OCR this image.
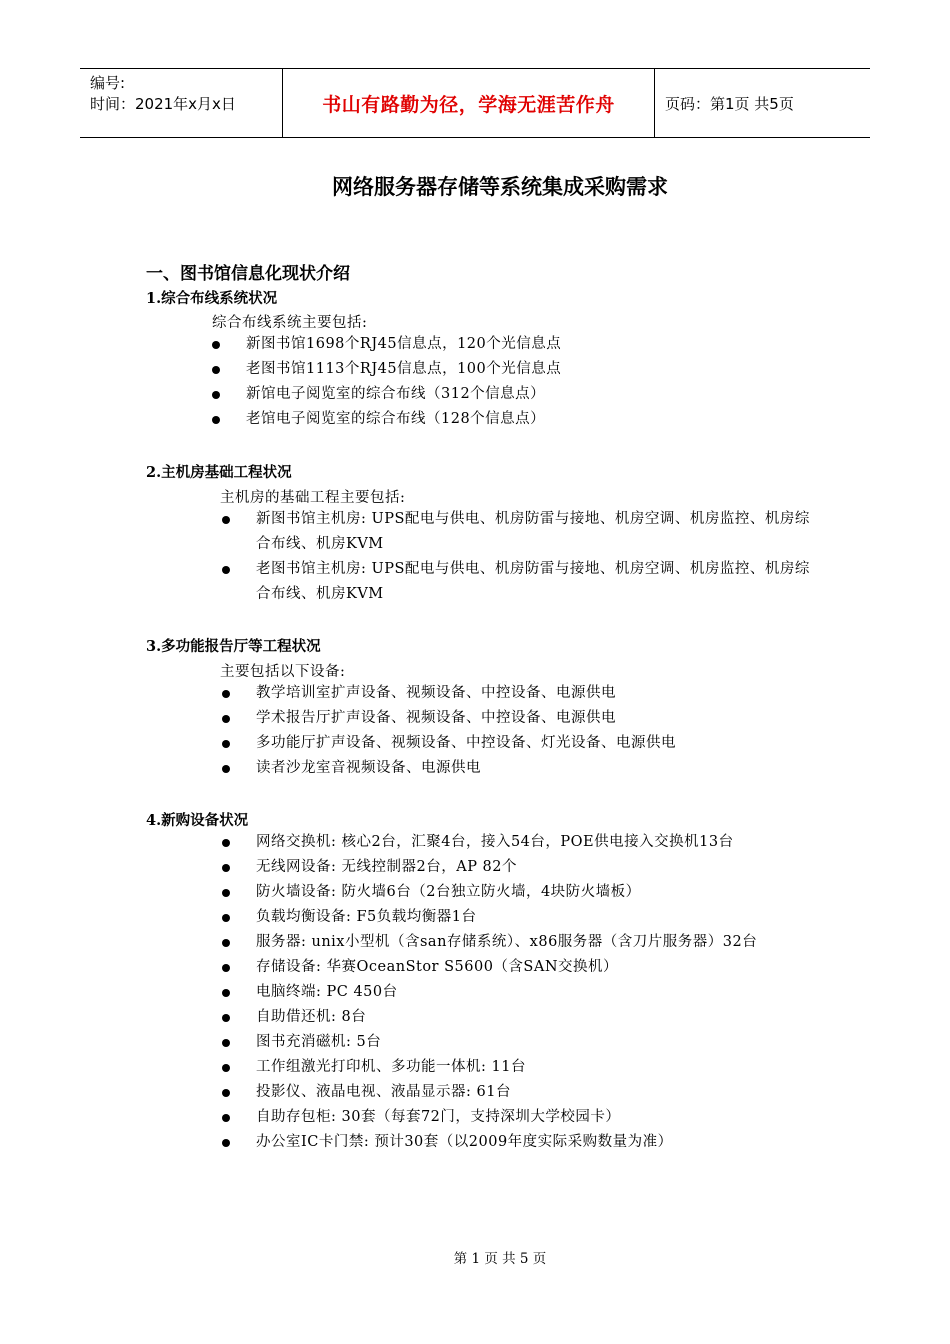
编号:
时间：2021年x月x日	书山有路勤为径，学海无涯苦作舟	页码：第1页 共5页
网络服务器存储等系统集成采购需求
一、图书馆信息化现状介绍
1.综合布线系统状况
综合布线系统主要包括:
新图书馆1698个RJ45信息点，120个光信息点
老图书馆1113个RJ45信息点，100个光信息点
新馆电子阅览室的综合布线（312个信息点）
老馆电子阅览室的综合布线（128个信息点）
2.主机房基础工程状况
主机房的基础工程主要包括:
新图书馆主机房: UPS配电与供电、机房防雷与接地、机房空调、机房监控、机房综合布线、机房KVM
老图书馆主机房: UPS配电与供电、机房防雷与接地、机房空调、机房监控、机房综合布线、机房KVM
3.多功能报告厅等工程状况
主要包括以下设备:
教学培训室扩声设备、视频设备、中控设备、电源供电
学术报告厅扩声设备、视频设备、中控设备、电源供电
多功能厅扩声设备、视频设备、中控设备、灯光设备、电源供电
读者沙龙室音视频设备、电源供电
4.新购设备状况
网络交换机: 核心2台，汇聚4台，接入54台，POE供电接入交换机13台
无线网设备: 无线控制器2台，AP 82个
防火墙设备: 防火墙6台（2台独立防火墙，4块防火墙板）
负载均衡设备: F5负载均衡器1台
服务器: unix小型机（含san存储系统）、x86服务器（含刀片服务器）32台
存储设备: 华赛OceanStor S5600（含SAN交换机）
电脑终端: PC 450台
自助借还机: 8台
图书充消磁机: 5台
工作组激光打印机、多功能一体机: 11台
投影仪、液晶电视、液晶显示器: 61台
自助存包柜: 30套（每套72门，支持深圳大学校园卡）
办公室IC卡门禁: 预计30套（以2009年度实际采购数量为准）
第 1 页 共 5 页
